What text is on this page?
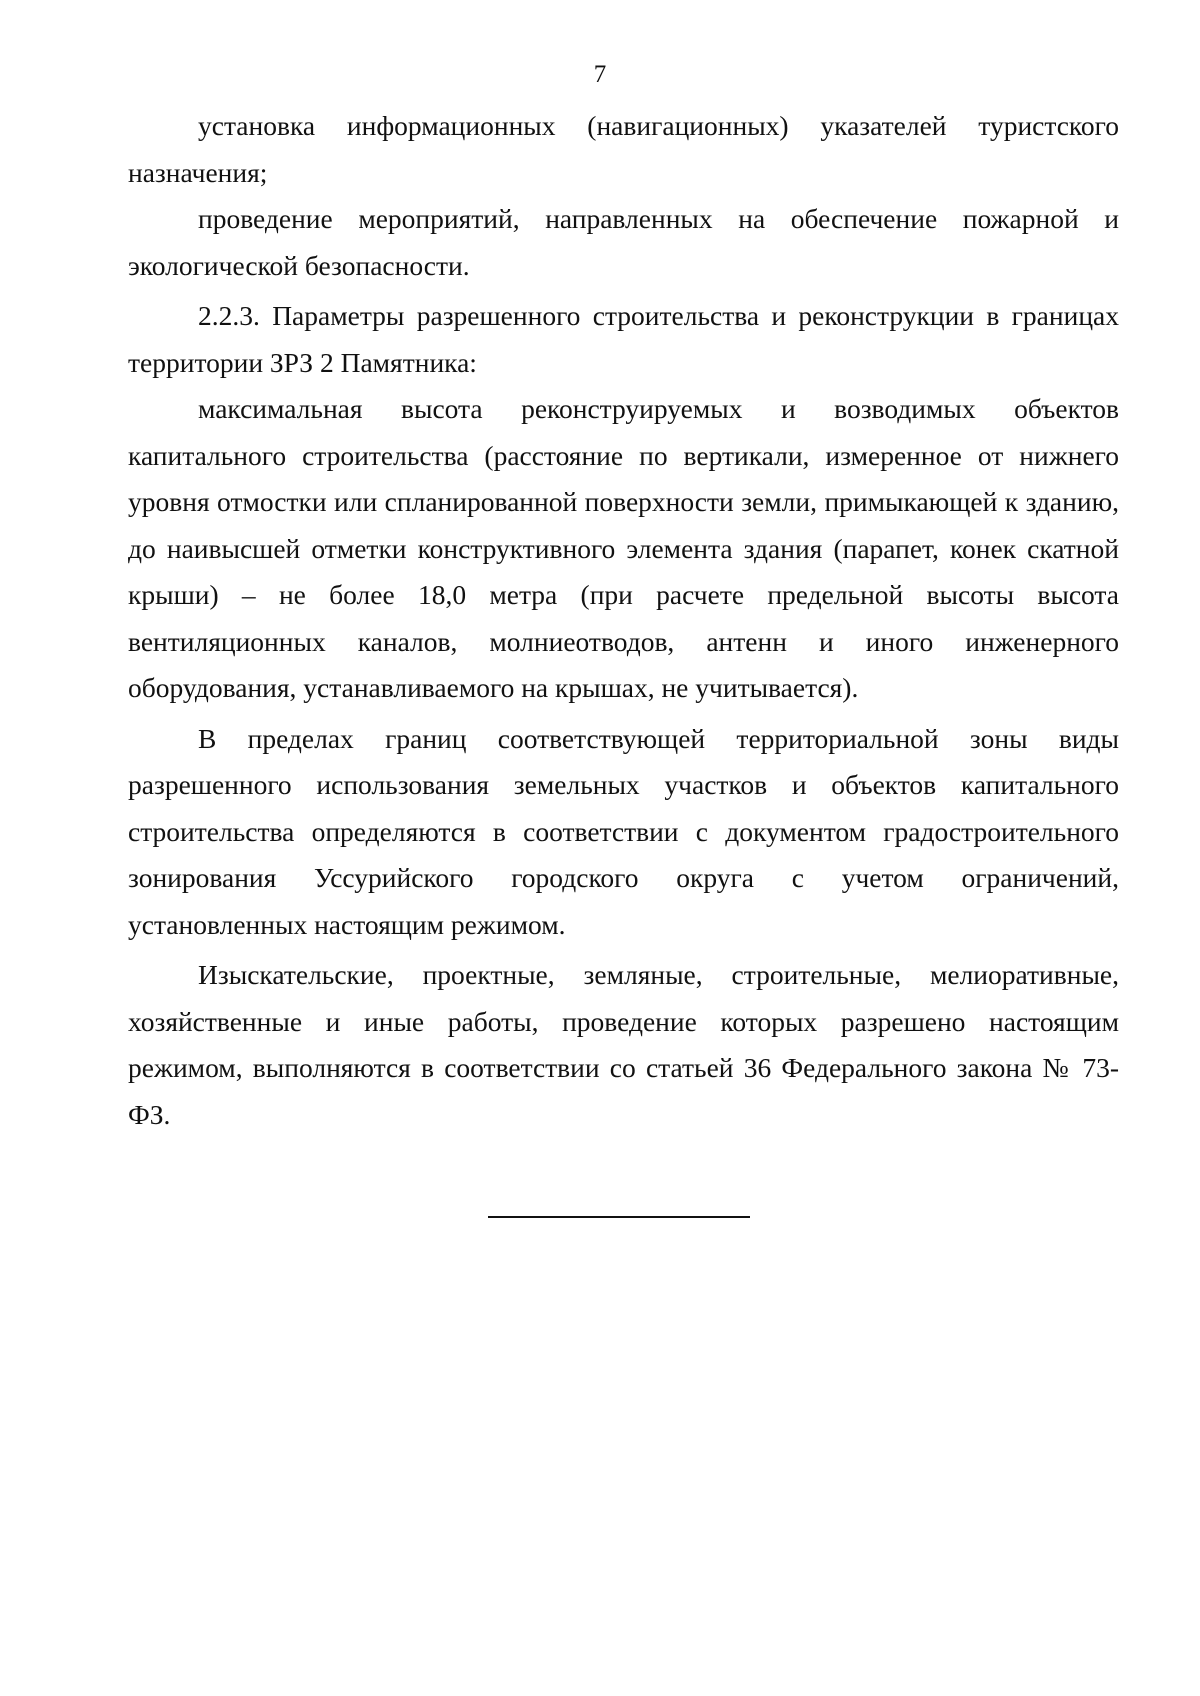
7

установка информационных (навигационных) указателей туристского назначения;

проведение мероприятий, направленных на обеспечение пожарной и экологической безопасности.

2.2.3. Параметры разрешенного строительства и реконструкции в границах территории ЗРЗ 2 Памятника:

максимальная высота реконструируемых и возводимых объектов капитального строительства (расстояние по вертикали, измеренное от нижнего уровня отмостки или спланированной поверхности земли, примыкающей к зданию, до наивысшей отметки конструктивного элемента здания (парапет, конек скатной крыши) – не более 18,0 метра (при расчете предельной высоты высота вентиляционных каналов, молниеотводов, антенн и иного инженерного оборудования, устанавливаемого на крышах, не учитывается).

В пределах границ соответствующей территориальной зоны виды разрешенного использования земельных участков и объектов капитального строительства определяются в соответствии с документом градостроительного зонирования Уссурийского городского округа с учетом ограничений, установленных настоящим режимом.

Изыскательские, проектные, земляные, строительные, мелиоративные, хозяйственные и иные работы, проведение которых разрешено настоящим режимом, выполняются в соответствии со статьей 36 Федерального закона № 73-ФЗ.
